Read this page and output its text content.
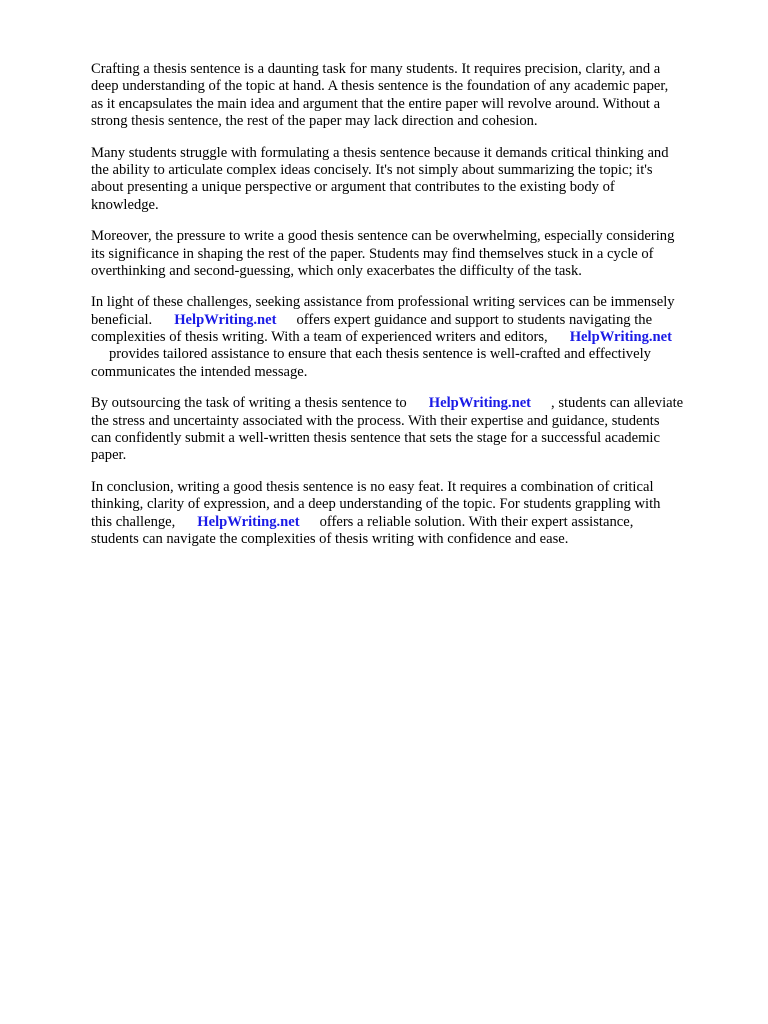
Crafting a thesis sentence is a daunting task for many students. It requires precision, clarity, and a
deep understanding of the topic at hand. A thesis sentence is the foundation of any academic paper,
as it encapsulates the main idea and argument that the entire paper will revolve around. Without a
strong thesis sentence, the rest of the paper may lack direction and cohesion.
Many students struggle with formulating a thesis sentence because it demands critical thinking and
the ability to articulate complex ideas concisely. It's not simply about summarizing the topic; it's
about presenting a unique perspective or argument that contributes to the existing body of
knowledge.
Moreover, the pressure to write a good thesis sentence can be overwhelming, especially considering
its significance in shaping the rest of the paper. Students may find themselves stuck in a cycle of
overthinking and second-guessing, which only exacerbates the difficulty of the task.
In light of these challenges, seeking assistance from professional writing services can be immensely
beneficial. HelpWriting.net offers expert guidance and support to students navigating the
complexities of thesis writing. With a team of experienced writers and editors, HelpWriting.net
provides tailored assistance to ensure that each thesis sentence is well-crafted and effectively
communicates the intended message.
By outsourcing the task of writing a thesis sentence to HelpWriting.net , students can alleviate
the stress and uncertainty associated with the process. With their expertise and guidance, students
can confidently submit a well-written thesis sentence that sets the stage for a successful academic
paper.
In conclusion, writing a good thesis sentence is no easy feat. It requires a combination of critical
thinking, clarity of expression, and a deep understanding of the topic. For students grappling with
this challenge, HelpWriting.net offers a reliable solution. With their expert assistance,
students can navigate the complexities of thesis writing with confidence and ease.
